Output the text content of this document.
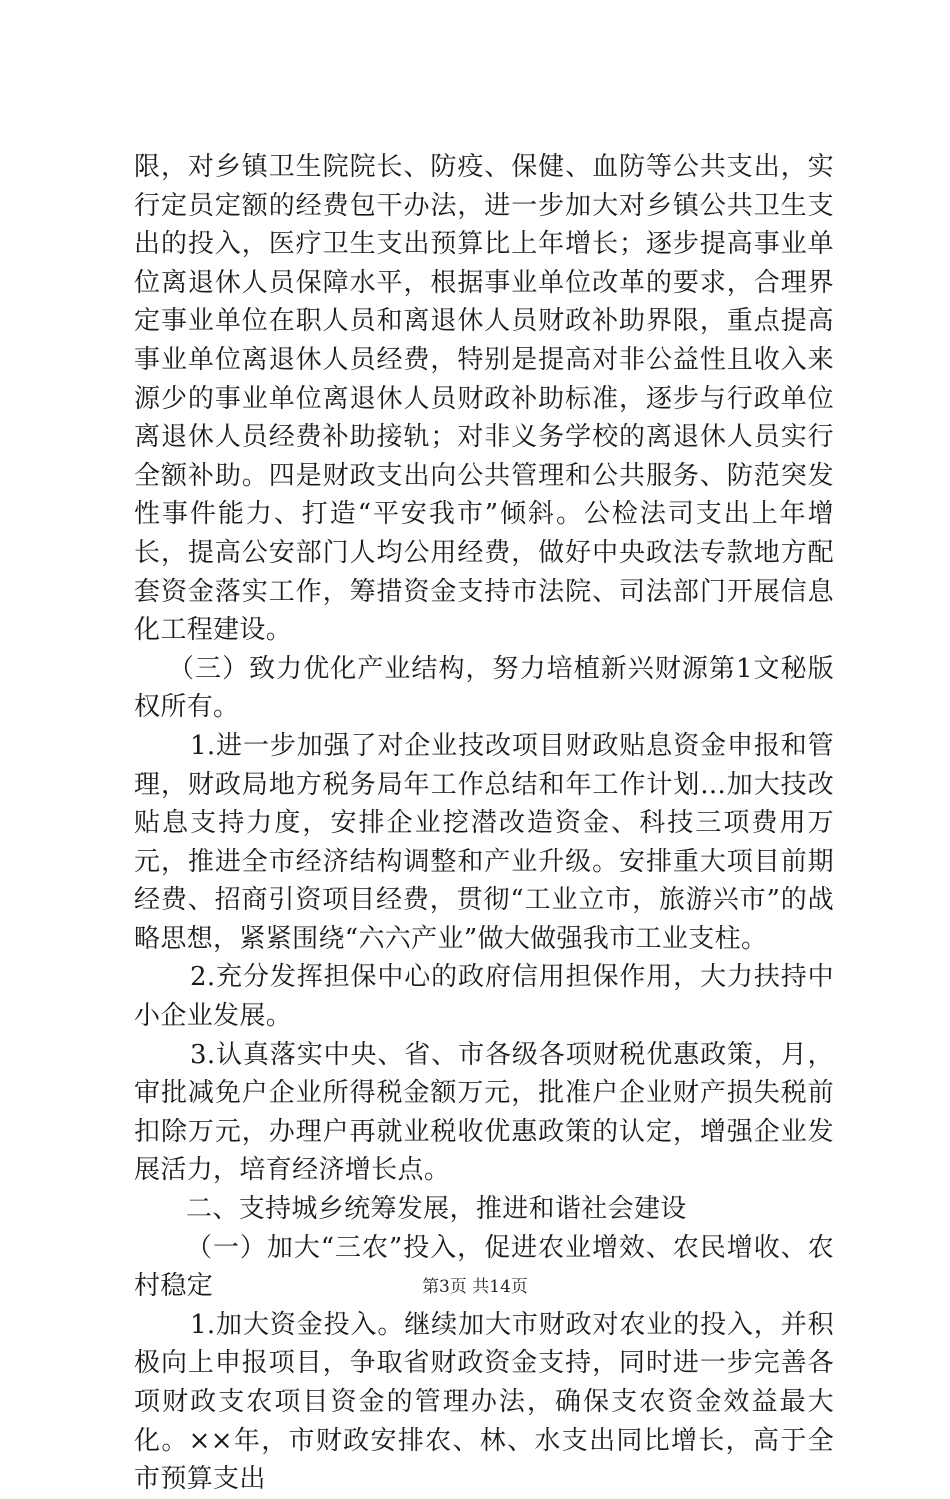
限，对乡镇卫生院院长、防疫、保健、血防等公共支出，实行定员定额的经费包干办法，进一步加大对乡镇公共卫生支出的投入，医疗卫生支出预算比上年增长；逐步提高事业单位离退休人员保障水平，根据事业单位改革的要求，合理界定事业单位在职人员和离退休人员财政补助界限，重点提高事业单位离退休人员经费，特别是提高对非公益性且收入来源少的事业单位离退休人员财政补助标准，逐步与行政单位离退休人员经费补助接轨；对非义务学校的离退休人员实行全额补助。四是财政支出向公共管理和公共服务、防范突发性事件能力、打造“平安我市”倾斜。公检法司支出上年增长，提高公安部门人均公用经费，做好中央政法专款地方配套资金落实工作，筹措资金支持市法院、司法部门开展信息化工程建设。

（三）致力优化产业结构，努力培植新兴财源第1文秘版权所有。

1.进一步加强了对企业技改项目财政贴息资金申报和管理，财政局地方税务局年工作总结和年工作计划...加大技改贴息支持力度，安排企业挖潜改造资金、科技三项费用万元，推进全市经济结构调整和产业升级。安排重大项目前期经费、招商引资项目经费，贯彻“工业立市，旅游兴市”的战略思想，紧紧围绕“六六产业”做大做强我市工业支柱。

2.充分发挥担保中心的政府信用担保作用，大力扶持中小企业发展。

3.认真落实中央、省、市各级各项财税优惠政策，月，审批减免户企业所得税金额万元，批准户企业财产损失税前扣除万元，办理户再就业税收优惠政策的认定，增强企业发展活力，培育经济增长点。

二、支持城乡统筹发展，推进和谐社会建设

（一）加大“三农”投入，促进农业增效、农民增收、农村稳定

1.加大资金投入。继续加大市财政对农业的投入，并积极向上申报项目，争取省财政资金支持，同时进一步完善各项财政支农项目资金的管理办法，确保支农资金效益最大化。××年，市财政安排农、林、水支出同比增长，高于全市预算支出

第3页 共14页
